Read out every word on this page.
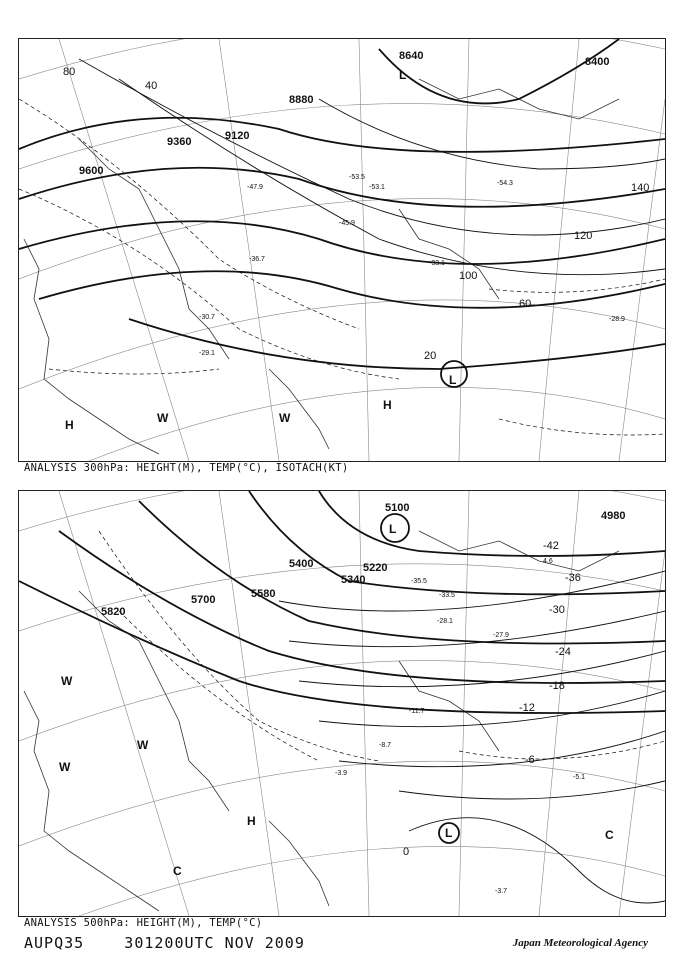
9600
9360	9120
8880
8640	8400
80
40
120
140
100
60
20
H
H
L
L
W	W
-47.9
-45.9
-53.5
-36.7
-33.1
-29.1
-28.9
-30.7
-53.1
-54.3
ANALYSIS 300hPa: HEIGHT(M), TEMP(°C), ISOTACH(KT)
5820
5700	5580
5400
5340
5220
5100
4980
-42
-36
-30
-24
-18
-12
-6
0
H
L
L
W
W
W
C
C
-35.5
-33.5
-28.1
-27.9
-11.7
-8.7
-3.9
-5.1
-3.7
4.6
ANALYSIS 500hPa: HEIGHT(M), TEMP(°C)
AUPQ35    301200UTC NOV 2009	Japan Meteorological Agency
